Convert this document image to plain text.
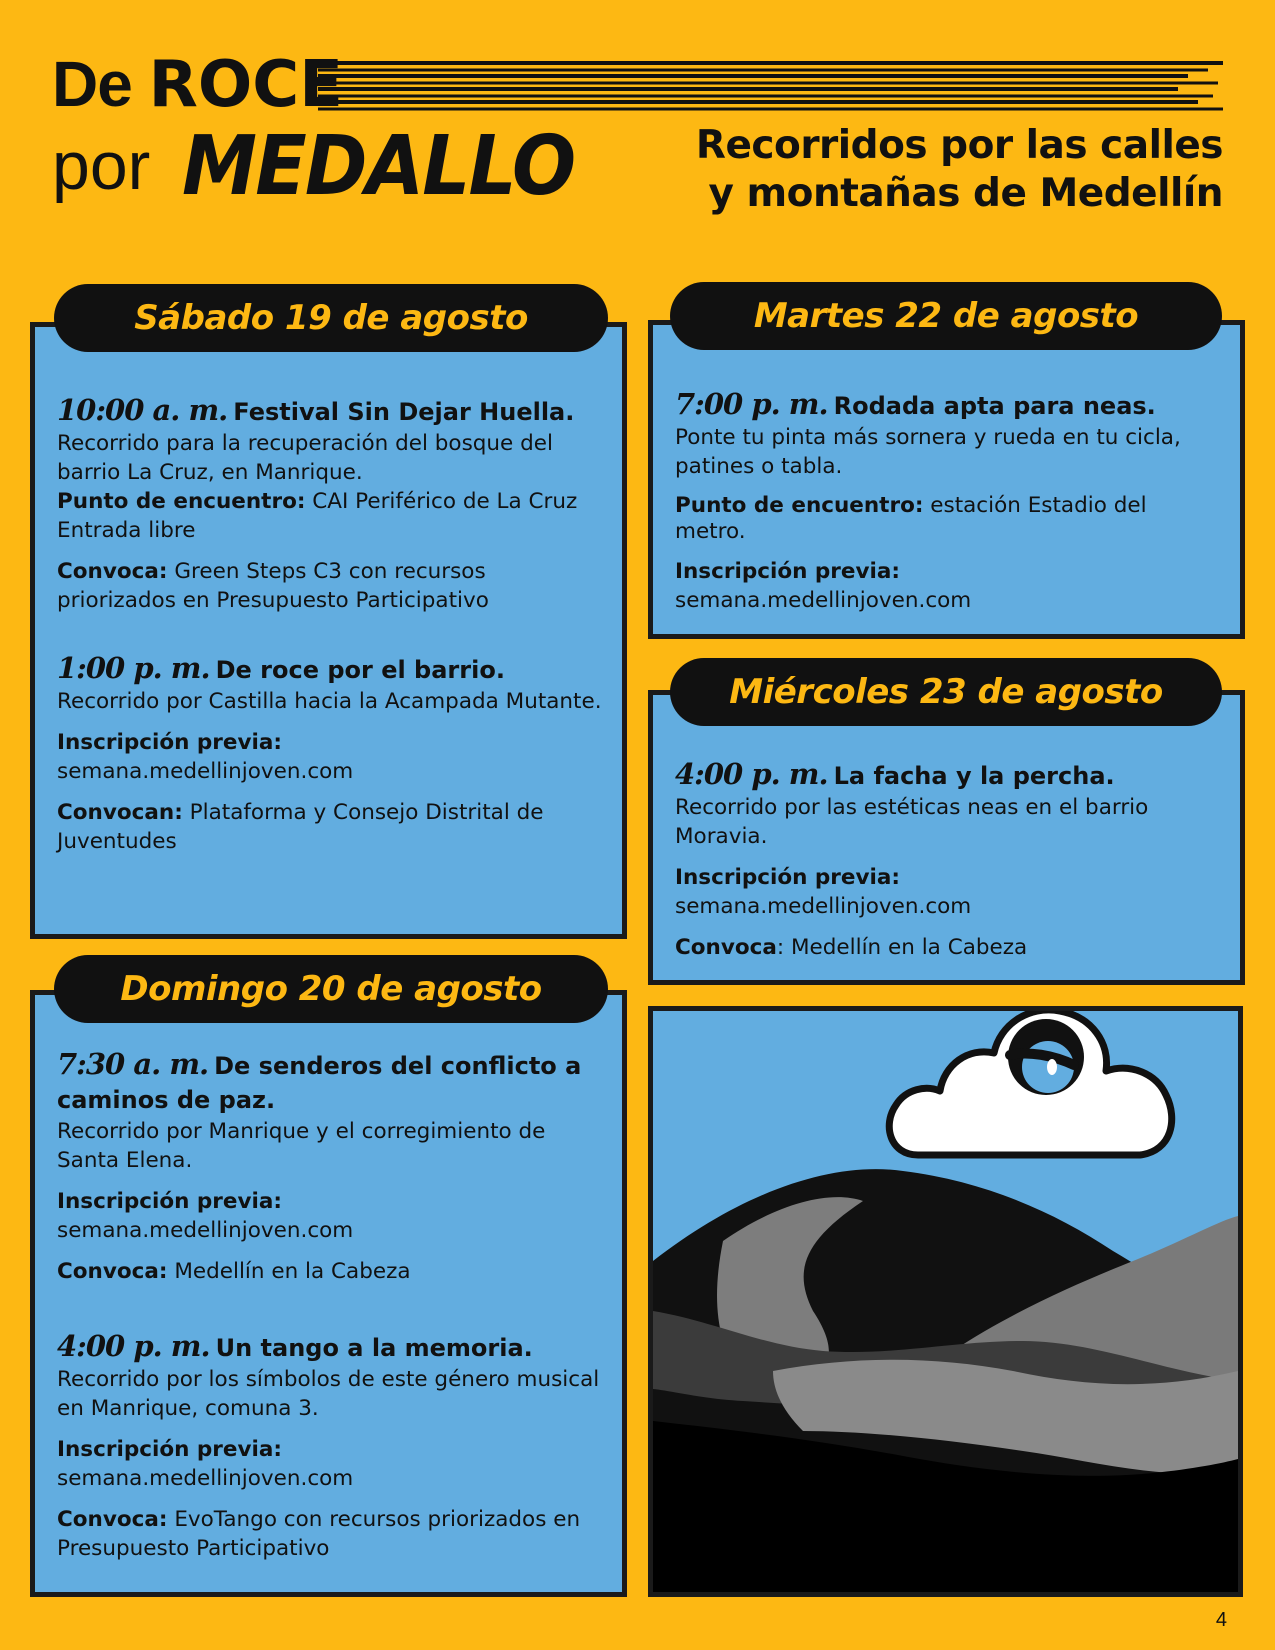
De ROCE
por MEDALLO	Recorridos por las calles
y montañas de Medellín
10:00 a. m. Festival Sin Dejar Huella.
Recorrido para la recuperación del bosque del barrio La Cruz, en Manrique.
Punto de encuentro: CAI Periférico de La Cruz
Entrada libre
Convoca: Green Steps C3 con recursos priorizados en Presupuesto Participativo
1:00 p. m. De roce por el barrio.
Recorrido por Castilla hacia la Acampada Mutante.
Inscripción previa:
semana.medellinjoven.com
Convocan: Plataforma y Consejo Distrital de Juventudes
Sábado 19 de agosto
7:30 a. m. De senderos del conflicto a caminos de paz.
Recorrido por Manrique y el corregimiento de Santa Elena.
Inscripción previa:
semana.medellinjoven.com
Convoca: Medellín en la Cabeza
4:00 p. m. Un tango a la memoria.
Recorrido por los símbolos de este género musical en Manrique, comuna 3.
Inscripción previa:
semana.medellinjoven.com
Convoca: EvoTango con recursos priorizados en Presupuesto Participativo
Domingo 20 de agosto
7:00 p. m. Rodada apta para neas.
Ponte tu pinta más sornera y rueda en tu cicla, patines o tabla.
Punto de encuentro: estación Estadio del metro.
Inscripción previa:
semana.medellinjoven.com
Martes 22 de agosto
4:00 p. m. La facha y la percha.
Recorrido por las estéticas neas en el barrio Moravia.
Inscripción previa:
semana.medellinjoven.com
Convoca: Medellín en la Cabeza
Miércoles 23 de agosto
4
